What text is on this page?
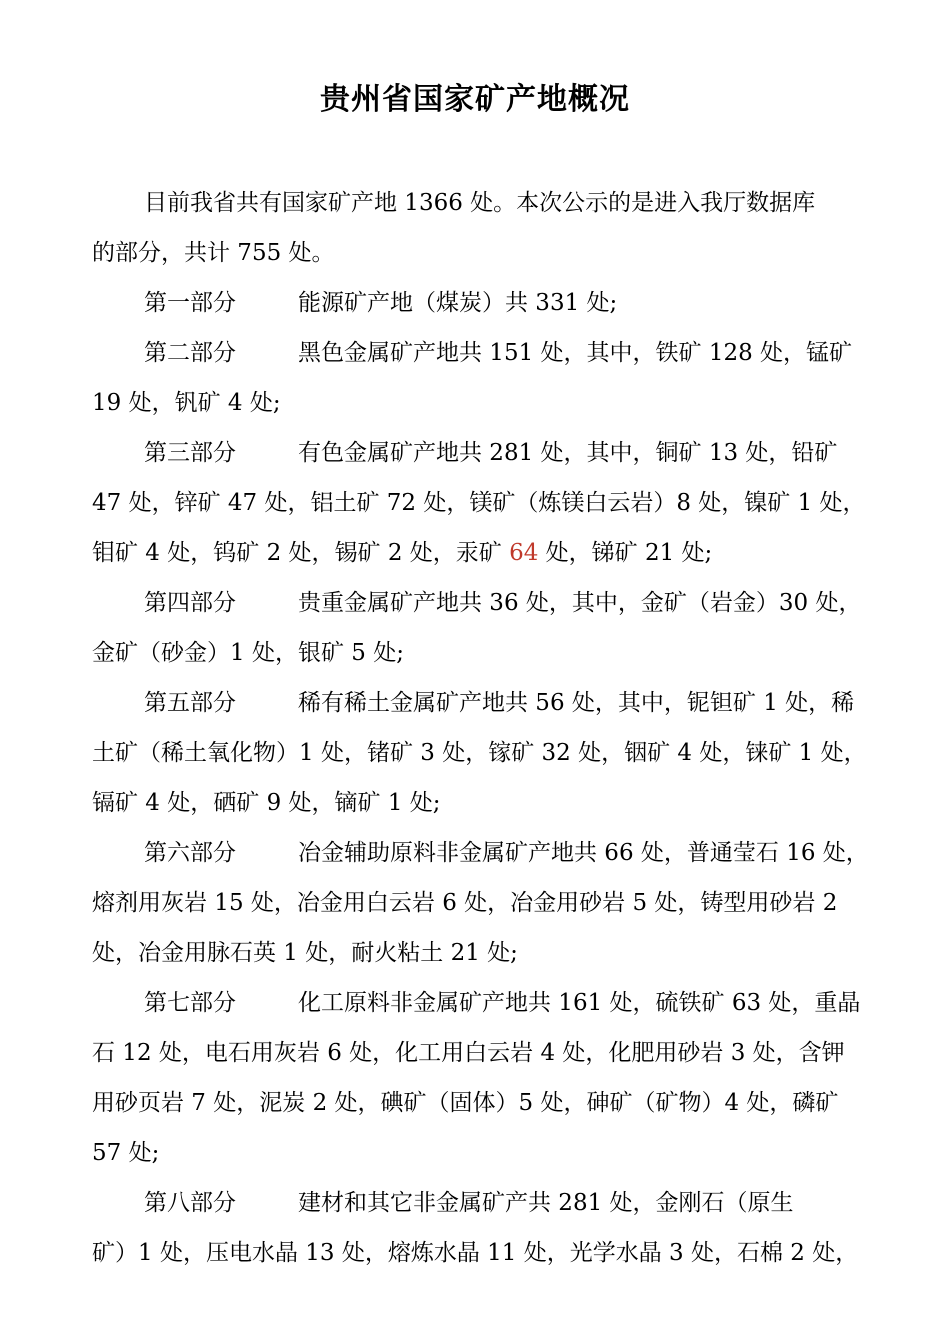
贵州省国家矿产地概况
目前我省共有国家矿产地 1366 处。本次公示的是进入我厅数据库
的部分，共计 755 处。
第一部分	能源矿产地（煤炭）共 331 处;
第二部分	黑色金属矿产地共 151 处，其中，铁矿 128 处，锰矿
19 处，钒矿 4 处;
第三部分	有色金属矿产地共 281 处，其中，铜矿 13 处，铅矿
47 处，锌矿 47 处，铝土矿 72 处，镁矿（炼镁白云岩）8 处，镍矿 1 处，
钼矿 4 处，钨矿 2 处，锡矿 2 处，汞矿 64 处，锑矿 21 处;
第四部分	贵重金属矿产地共 36 处，其中，金矿（岩金）30 处，
金矿（砂金）1 处，银矿 5 处;
第五部分	稀有稀土金属矿产地共 56 处，其中，铌钽矿 1 处，稀
土矿（稀土氧化物）1 处，锗矿 3 处，镓矿 32 处，铟矿 4 处，铼矿 1 处，
镉矿 4 处，硒矿 9 处，镝矿 1 处;
第六部分	冶金辅助原料非金属矿产地共 66 处，普通莹石 16 处，
熔剂用灰岩 15 处，冶金用白云岩 6 处，冶金用砂岩 5 处，铸型用砂岩 2
处，冶金用脉石英 1 处，耐火粘土 21 处;
第七部分	化工原料非金属矿产地共 161 处，硫铁矿 63 处，重晶
石 12 处，电石用灰岩 6 处，化工用白云岩 4 处，化肥用砂岩 3 处，含钾
用砂页岩 7 处，泥炭 2 处，碘矿（固体）5 处，砷矿（矿物）4 处，磷矿
57 处;
第八部分	建材和其它非金属矿产共 281 处，金刚石（原生
矿）1 处，压电水晶 13 处，熔炼水晶 11 处，光学水晶 3 处，石棉 2 处，
